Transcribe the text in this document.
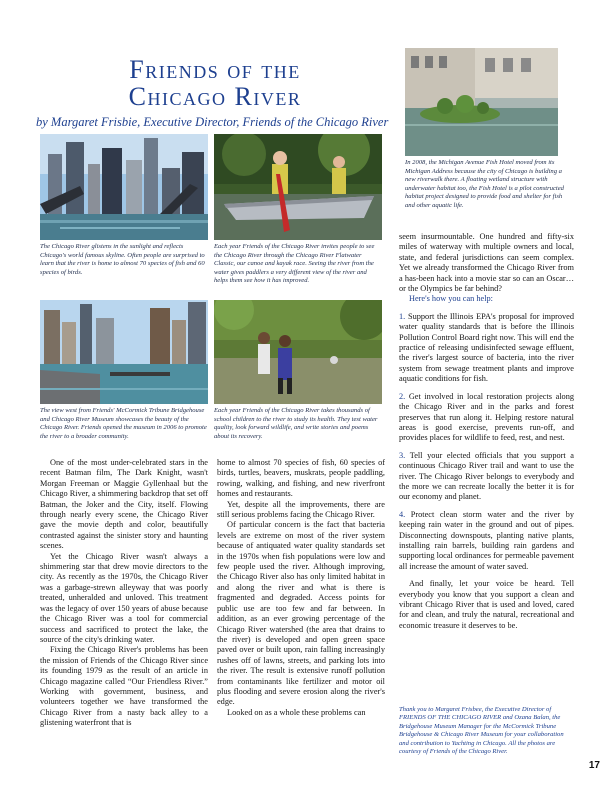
Friends of the
Chicago River
by Margaret Frisbie, Executive Director, Friends of the Chicago River
The Chicago River glistens in the sunlight and reflects Chicago's world famous skyline. Often people are surprised to learn that the river is home to almost 70 species of fish and 60 species of birds.
Each year Friends of the Chicago River invites people to see the Chicago River through the Chicago River Flatwater Classic, our canoe and kayak race. Seeing the river from the water gives paddlers a very different view of the river and helps them see how it has improved.
In 2008, the Michigan Avenue Fish Hotel moved from its Michigan Address because the city of Chicago is building a new riverwalk there. A floating wetland structure with underwater habitat too, the Fish Hotel is a pilot constructed habitat project designed to provide food and shelter for fish and other aquatic life.
The view west from Friends' McCormick Tribune Bridgehouse and Chicago River Museum showcases the beauty of the Chicago River. Friends opened the museum in 2006 to promote the river to a broader community.
Each year Friends of the Chicago River takes thousands of school children to the river to study its health. They test water quality, look forward wildlife, and write stories and poems about its recovery.

One of the most under-celebrated stars in the recent Batman film, The Dark Knight, wasn't Morgan Freeman or Maggie Gyllenhaal but the Chicago River, a shimmering backdrop that set off Batman, the Joker and the City, itself. Flowing through nearly every scene, the Chicago River gave the movie depth and color, beautifully contrasted against the sinister story and haunting scenes.

Yet the Chicago River wasn't always a shimmering star that drew movie directors to the city. As recently as the 1970s, the Chicago River was a garbage-strewn alleyway that was poorly treated, unheralded and unloved. This treatment was the legacy of over 150 years of abuse because the Chicago River was a tool for commercial success and sacrificed to protect the lake, the source of the city's drinking water.

Fixing the Chicago River's problems has been the mission of Friends of the Chicago River since its founding 1979 as the result of an article in Chicago magazine called “Our Friendless River.” Working with government, business, and volunteers together we have transformed the Chicago River from a nasty back alley to a glistening waterfront that is

home to almost 70 species of fish, 60 species of birds, turtles, beavers, muskrats, people paddling, rowing, walking, and fishing, and new riverfront homes and restaurants.

Yet, despite all the improvements, there are still serious problems facing the Chicago River.

Of particular concern is the fact that bacteria levels are extreme on most of the river system because of antiquated water quality standards set in the 1970s when fish populations were low and few people used the river. Although improving, the Chicago River also has only limited habitat in and along the river and what is there is fragmented and degraded. Access points for public use are too few and far between. In addition, as an ever growing percentage of the Chicago River watershed (the area that drains to the river) is developed and open green space paved over or built upon, rain falling increasingly rushes off of lawns, streets, and parking lots into the river. The result is extensive runoff pollution from contaminants like fertilizer and motor oil plus flooding and severe erosion along the river's edge.

Looked on as a whole these problems can

seem insurmountable. One hundred and fifty-six miles of waterway with multiple owners and local, state, and federal jurisdictions can seem complex. Yet we already transformed the Chicago River from a has-been hack into a movie star so can an Oscar…or the Olympics be far behind?

Here's how you can help:

1. Support the Illinois EPA's proposal for improved water quality standards that is before the Illinois Pollution Control Board right now. This will end the practice of releasing undisinfected sewage effluent, the river's largest source of bacteria, into the river system from sewage treatment plants and improve aquatic conditions for fish.

2. Get involved in local restoration projects along the Chicago River and in the parks and forest preserves that run along it. Helping restore natural areas is good exercise, prevents run-off, and provides places for wildlife to feed, rest, and nest.

3. Tell your elected officials that you support a continuous Chicago River trail and want to use the river. The Chicago River belongs to everybody and the more we can recreate locally the better it is for our economy and planet.

4. Protect clean storm water and the river by keeping rain water in the ground and out of pipes. Disconnecting downspouts, planting native plants, installing rain barrels, building rain gardens and supporting local ordinances for permeable pavement all increase the amount of water saved.

And finally, let your voice be heard. Tell everybody you know that you support a clean and vibrant Chicago River that is used and loved, cared for and clean, and truly the natural, recreational and economic treasure it deserves to be.

Thank you to Margaret Frisbee, the Executive Director of FRIENDS OF THE CHICAGO RIVER and Ozana Balan, the Bridgehouse Museum Manager for the McCormick Tribune Bridgehouse & Chicago River Museum for your collaboration and contribution to Yachting in Chicago. All the photos are courtesy of Friends of the Chicago River.
17
